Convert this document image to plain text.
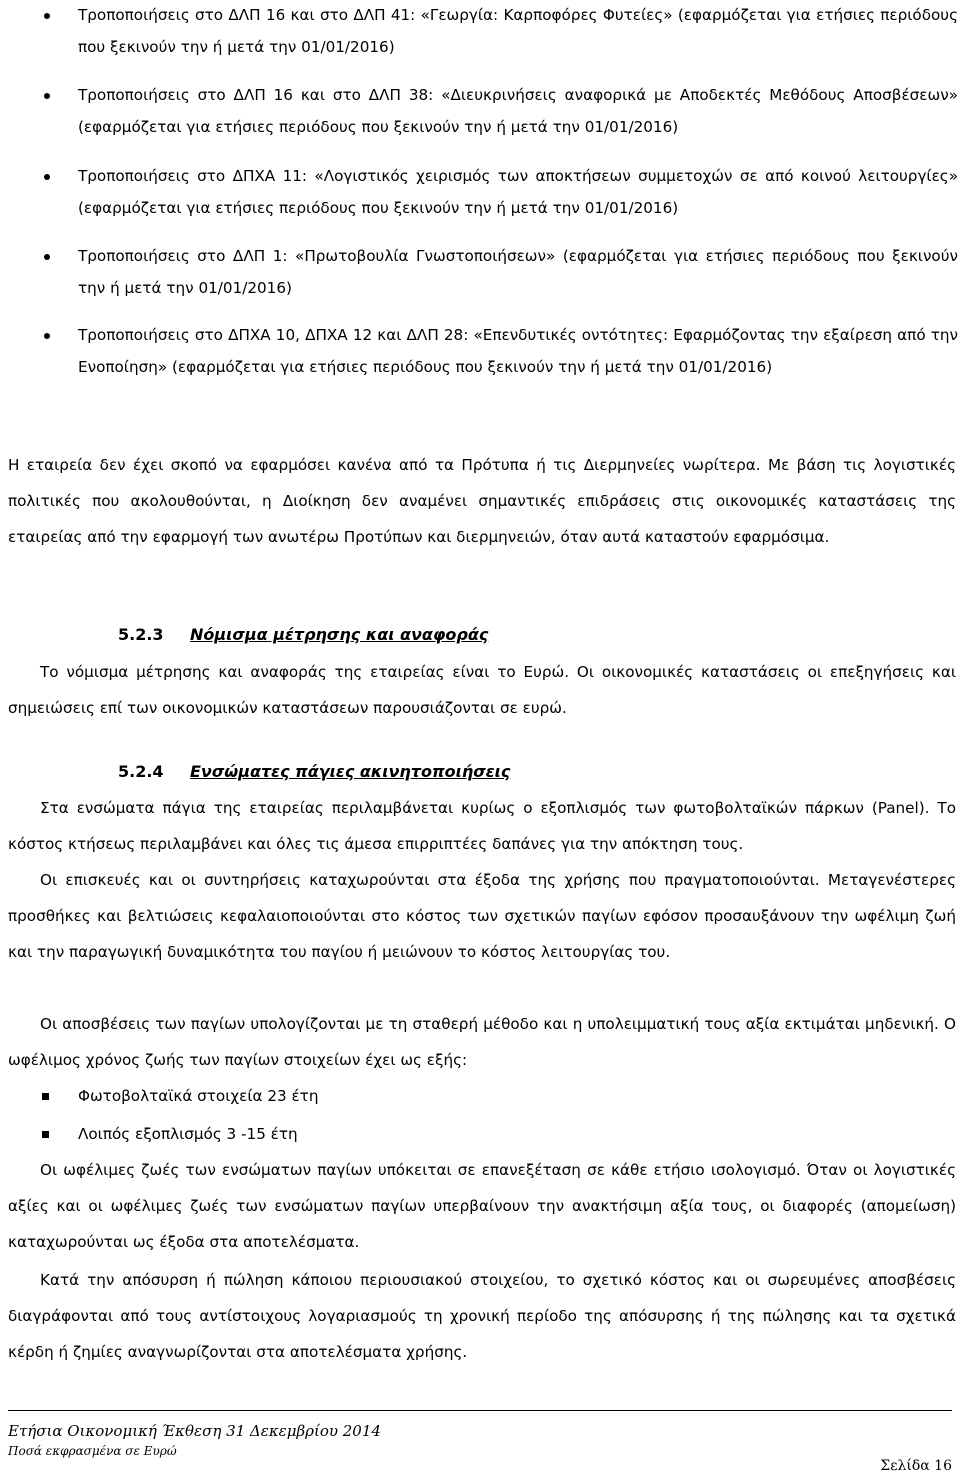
Τροποποιήσεις στο ΔΛΠ 16 και στο ΔΛΠ 41: «Γεωργία: Καρποφόρες Φυτείες» (εφαρμόζεται για ετήσιες περιόδους που ξεκινούν την ή μετά την 01/01/2016)
Τροποποιήσεις στο ΔΛΠ 16 και στο ΔΛΠ 38: «Διευκρινήσεις αναφορικά με Αποδεκτές Μεθόδους Αποσβέσεων» (εφαρμόζεται για ετήσιες περιόδους που ξεκινούν την ή μετά την 01/01/2016)
Τροποποιήσεις στο ΔΠΧΑ 11: «Λογιστικός χειρισμός των αποκτήσεων συμμετοχών σε από κοινού λειτουργίες» (εφαρμόζεται για ετήσιες περιόδους που ξεκινούν την ή μετά την 01/01/2016)
Τροποποιήσεις στο ΔΛΠ 1: «Πρωτοβουλία Γνωστοποιήσεων» (εφαρμόζεται για ετήσιες περιόδους που ξεκινούν την ή μετά την 01/01/2016)
Τροποποιήσεις στο ΔΠΧΑ 10, ΔΠΧΑ 12 και ΔΛΠ 28: «Επενδυτικές οντότητες: Εφαρμόζοντας την εξαίρεση από την Ενοποίηση» (εφαρμόζεται για ετήσιες περιόδους που ξεκινούν την ή μετά την 01/01/2016)

Η εταιρεία δεν έχει σκοπό να εφαρμόσει κανένα από τα Πρότυπα ή τις Διερμηνείες νωρίτερα. Με βάση τις λογιστικές πολιτικές που ακολουθούνται, η Διοίκηση δεν αναμένει σημαντικές επιδράσεις στις οικονομικές καταστάσεις της εταιρείας από την εφαρμογή των ανωτέρω Προτύπων και διερμηνειών, όταν αυτά καταστούν εφαρμόσιμα.

5.2.3 Νόμισμα μέτρησης και αναφοράς

Το νόμισμα μέτρησης και αναφοράς της εταιρείας είναι το Ευρώ. Οι οικονομικές καταστάσεις οι επεξηγήσεις και σημειώσεις επί των οικονομικών καταστάσεων παρουσιάζονται σε ευρώ.

5.2.4 Ενσώματες πάγιες ακινητοποιήσεις

Στα ενσώματα πάγια της εταιρείας περιλαμβάνεται κυρίως ο εξοπλισμός των φωτοβολταϊκών πάρκων (Panel). Το κόστος κτήσεως περιλαμβάνει και όλες τις άμεσα επιρριπτέες δαπάνες για την απόκτηση τους.

Οι επισκευές και οι συντηρήσεις καταχωρούνται στα έξοδα της χρήσης που πραγματοποιούνται. Μεταγενέστερες προσθήκες και βελτιώσεις κεφαλαιοποιούνται στο κόστος των σχετικών παγίων εφόσον προσαυξάνουν την ωφέλιμη ζωή και την παραγωγική δυναμικότητα του παγίου ή μειώνουν το κόστος λειτουργίας του.

Οι αποσβέσεις των παγίων υπολογίζονται με τη σταθερή μέθοδο και η υπολειμματική τους αξία εκτιμάται μηδενική. Ο ωφέλιμος χρόνος ζωής των παγίων στοιχείων έχει ως εξής:

Φωτοβολταϊκά στοιχεία 23 έτη
Λοιπός εξοπλισμός 3 -15 έτη

Οι ωφέλιμες ζωές των ενσώματων παγίων υπόκειται σε επανεξέταση σε κάθε ετήσιο ισολογισμό. Όταν οι λογιστικές αξίες και οι ωφέλιμες ζωές των ενσώματων παγίων υπερβαίνουν την ανακτήσιμη αξία τους, οι διαφορές (απομείωση) καταχωρούνται ως έξοδα στα αποτελέσματα.

Κατά την απόσυρση ή πώληση κάποιου περιουσιακού στοιχείου, το σχετικό κόστος και οι σωρευμένες αποσβέσεις διαγράφονται από τους αντίστοιχους λογαριασμούς τη χρονική περίοδο της απόσυρσης ή της πώλησης και τα σχετικά κέρδη ή ζημίες αναγνωρίζονται στα αποτελέσματα χρήσης.

Ετήσια Οικονομική Έκθεση 31 Δεκεμβρίου 2014
Ποσά εκφρασμένα σε Ευρώ
Σελίδα 16
